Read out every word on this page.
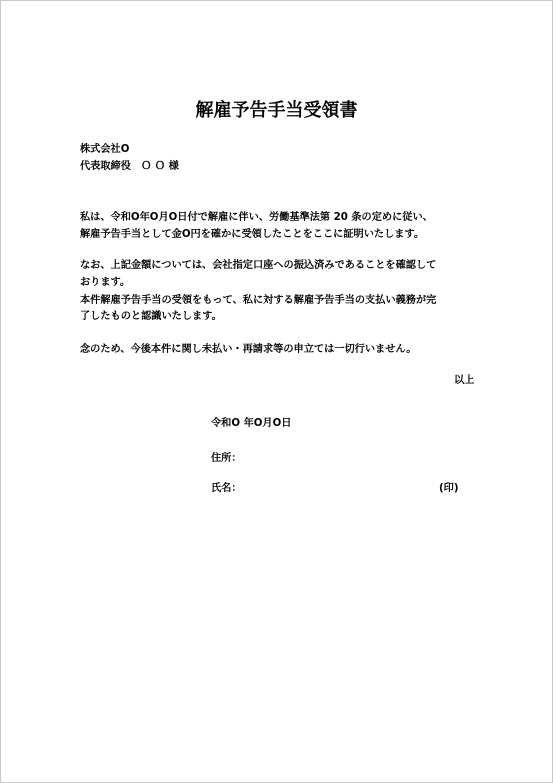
解雇予告手当受領書
株式会社O
代表取締役　Ｏ Ｏ 様
私は、令和O年O月O日付で解雇に伴い、労働基準法第 20 条の定めに従い、
解雇予告手当として金O円を確かに受領したことをここに証明いたします。
なお、上記金額については、会社指定口座への振込済みであることを確認して
おります。
本件解雇予告手当の受領をもって、私に対する解雇予告手当の支払い義務が完
了したものと認識いたします。
念のため、今後本件に関し未払い・再請求等の申立ては一切行いません。
以上
令和O 年O月O日
住所：
氏名：	(印)
